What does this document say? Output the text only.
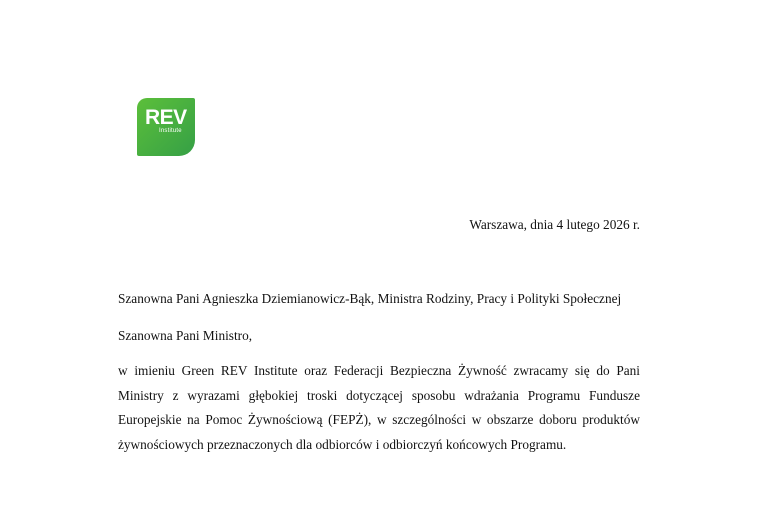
REV
Institute
Warszawa, dnia 4 lutego 2026 r.
Szanowna Pani Agnieszka Dziemianowicz-Bąk, Ministra Rodziny, Pracy i Polityki Społecznej
Szanowna Pani Ministro,
w imieniu Green REV Institute oraz Federacji Bezpieczna Żywność zwracamy się do Pani
Ministry z wyrazami głębokiej troski dotyczącej sposobu wdrażania Programu Fundusze
Europejskie na Pomoc Żywnościową (FEPŻ), w szczególności w obszarze doboru produktów
żywnościowych przeznaczonych dla odbiorców i odbiorczyń końcowych Programu.
